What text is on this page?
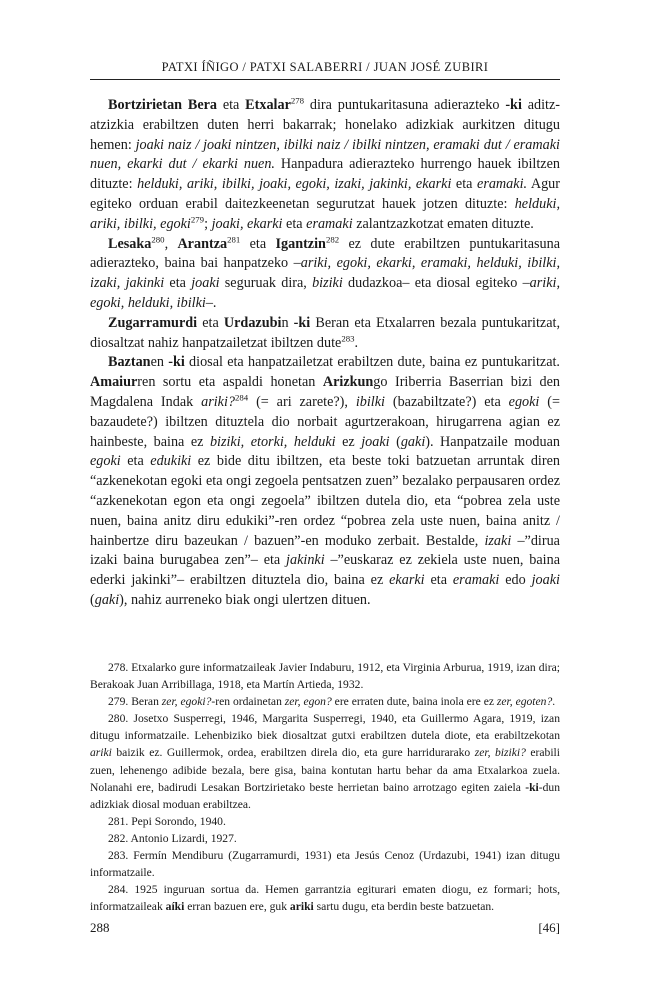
PATXI ÍÑIGO / PATXI SALABERRI / JUAN JOSÉ ZUBIRI

Bortzirietan Bera eta Etxalar$^{278}$ dira puntukaritasuna adierazteko -ki aditz-atzizkia erabiltzen duten herri bakarrak; honelako adizkiak aurkitzen ditugu hemen: joaki naiz / joaki nintzen, ibilki naiz / ibilki nintzen, eramaki dut / eramaki nuen, ekarki dut / ekarki nuen. Hanpadura adierazteko hurrengo hauek ibiltzen dituzte: helduki, ariki, ibilki, joaki, egoki, izaki, jakinki, ekarki eta eramaki. Agur egiteko orduan erabil daitezkeenetan segurutzat hauek jotzen dituzte: helduki, ariki, ibilki, egoki$^{279}$; joaki, ekarki eta eramaki zalantzazkotzat ematen dituzte.

Lesaka$^{280}$, Arantza$^{281}$ eta Igantzin$^{282}$ ez dute erabiltzen puntukaritasuna adierazteko, baina bai hanpatzeko –ariki, egoki, ekarki, eramaki, helduki, ibilki, izaki, jakinki eta joaki seguruak dira, biziki dudazkoa– eta diosal egiteko –ariki, egoki, helduki, ibilki–.

Zugarramurdi eta Urdazubin -ki Beran eta Etxalarren bezala puntukaritzat, diosaltzat nahiz hanpatzailetzat ibiltzen dute$^{283}$.

Baztanen -ki diosal eta hanpatzailetzat erabiltzen dute, baina ez puntukaritzat. Amaiurren sortu eta aspaldi honetan Arizkungo Iriberria Baserrian bizi den Magdalena Indak ariki?$^{284}$ (= ari zarete?), ibilki (bazabiltzate?) eta egoki (= bazaudete?) ibiltzen dituztela dio norbait agurtzerakoan, hirugarrena agian ez hainbeste, baina ez biziki, etorki, helduki ez joaki (gaki). Hanpatzaile moduan egoki eta edukiki ez bide ditu ibiltzen, eta beste toki batzuetan arruntak diren “azkenekotan egoki eta ongi zegoela pentsatzen zuen” bezalako perpausaren ordez “azkenekotan egon eta ongi zegoela” ibiltzen dutela dio, eta “pobrea zela uste nuen, baina anitz diru edukiki”-ren ordez “pobrea zela uste nuen, baina anitz / hainbertze diru bazeukan / bazuen”-en moduko zerbait. Bestalde, izaki –”dirua izaki baina burugabea zen”– eta jakinki –”euskaraz ez zekiela uste nuen, baina ederki jakinki”– erabiltzen dituztela dio, baina ez ekarki eta eramaki edo joaki (gaki), nahiz aurreneko biak ongi ulertzen dituen.

278. Etxalarko gure informatzaileak Javier Indaburu, 1912, eta Virginia Arburua, 1919, izan dira; Berakoak Juan Arribillaga, 1918, eta Martín Artieda, 1932.

279. Beran zer, egoki?-ren ordainetan zer, egon? ere erraten dute, baina inola ere ez zer, egoten?.

280. Josetxo Susperregi, 1946, Margarita Susperregi, 1940, eta Guillermo Agara, 1919, izan ditugu informatzaile. Lehenbiziko biek diosaltzat gutxi erabiltzen dutela diote, eta erabiltzekotan ariki baizik ez. Guillermok, ordea, erabiltzen direla dio, eta gure harridurarako zer, biziki? erabili zuen, lehenengo adibide bezala, bere gisa, baina kontutan hartu behar da ama Etxalarkoa zuela. Nolanahi ere, badirudi Lesakan Bortzirietako beste herrietan baino arrotzago egiten zaiela -ki-dun adizkiak diosal moduan erabiltzea.

281. Pepi Sorondo, 1940.

282. Antonio Lizardi, 1927.

283. Fermín Mendiburu (Zugarramurdi, 1931) eta Jesús Cenoz (Urdazubi, 1941) izan ditugu informatzaile.

284. 1925 inguruan sortua da. Hemen garrantzia egiturari ematen diogu, ez formari; hots, informatzaileak aíki erran bazuen ere, guk ariki sartu dugu, eta berdin beste batzuetan.

288	[46]
